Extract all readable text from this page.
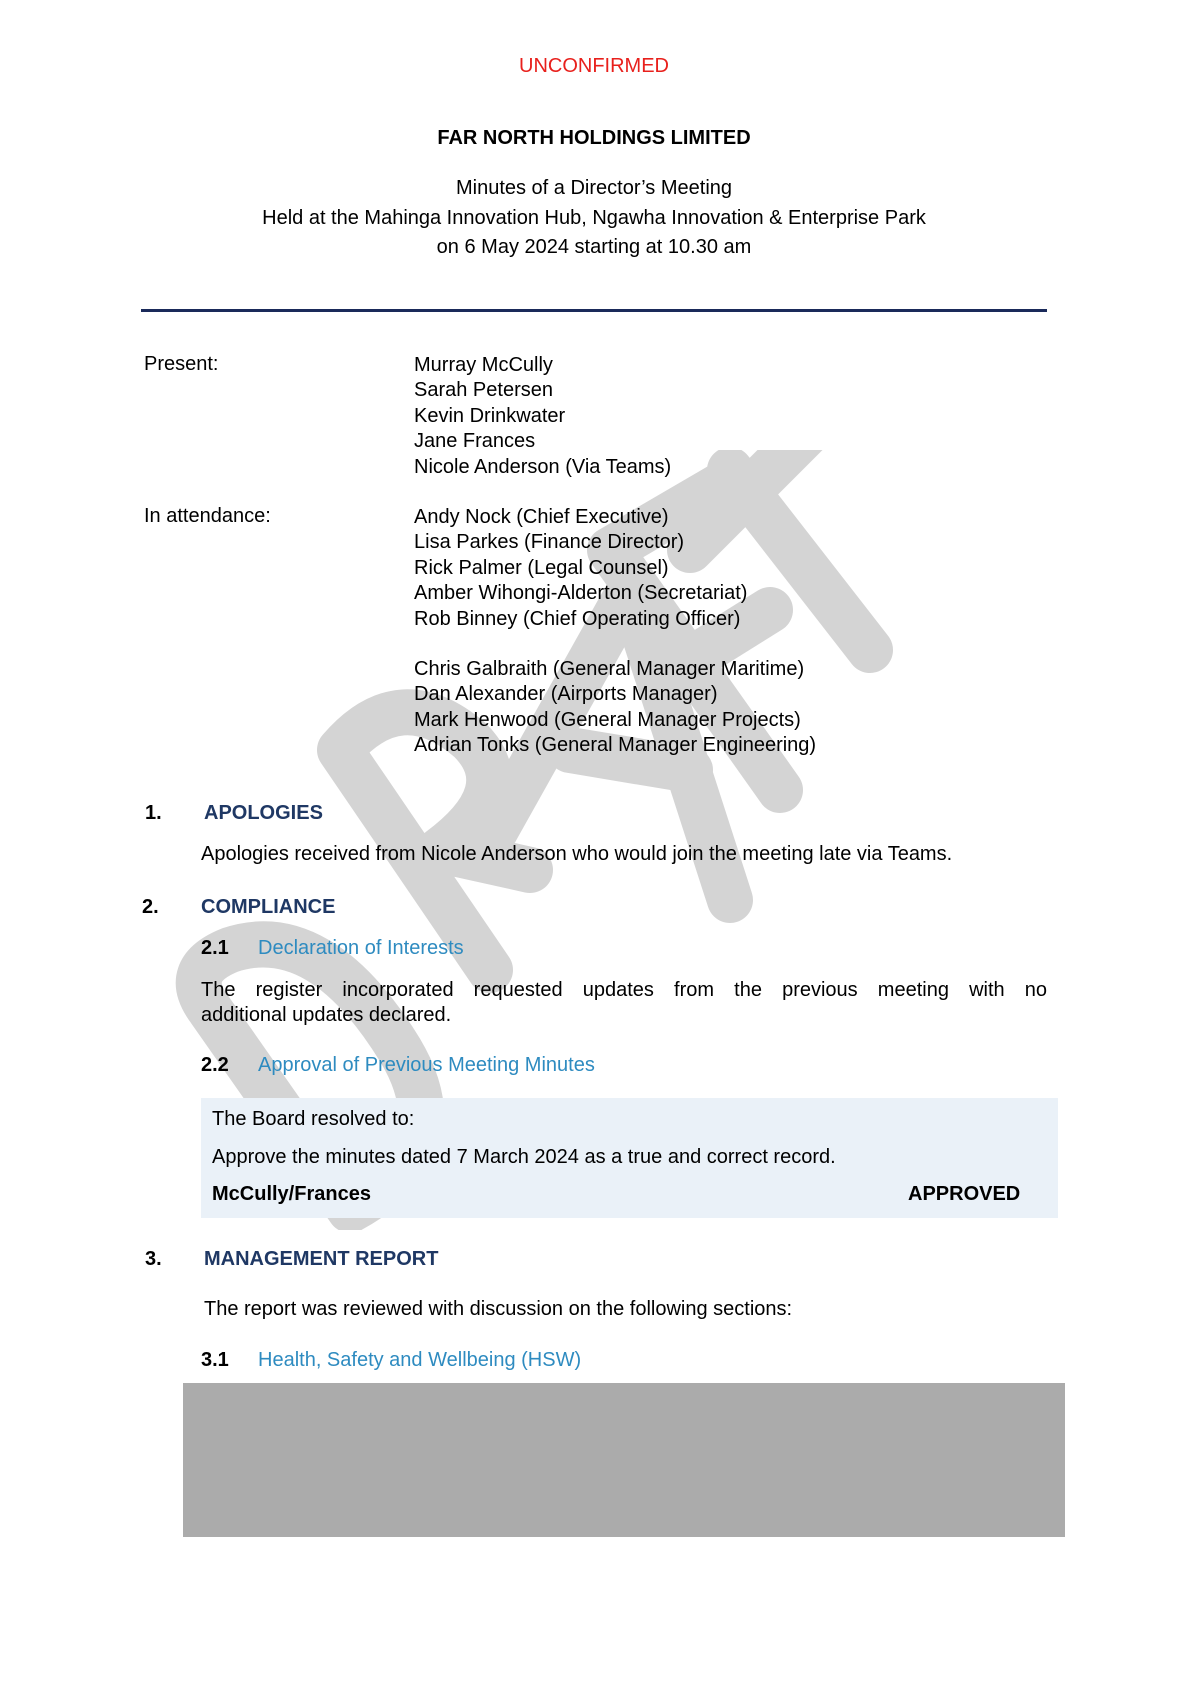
UNCONFIRMED
FAR NORTH HOLDINGS LIMITED
Minutes of a Director’s Meeting
Held at the Mahinga Innovation Hub, Ngawha Innovation & Enterprise Park
on 6 May 2024 starting at 10.30 am
Present:	Murray McCully
Sarah Petersen
Kevin Drinkwater
Jane Frances
Nicole Anderson (Via Teams)
In attendance:	Andy Nock (Chief Executive)
Lisa Parkes (Finance Director)
Rick Palmer (Legal Counsel)
Amber Wihongi-Alderton (Secretariat)
Rob Binney (Chief Operating Officer)
Chris Galbraith (General Manager Maritime)
Dan Alexander (Airports Manager)
Mark Henwood (General Manager Projects)
Adrian Tonks (General Manager Engineering)
1. APOLOGIES
Apologies received from Nicole Anderson who would join the meeting late via Teams.
2. COMPLIANCE
2.1 Declaration of Interests
The register incorporated requested updates from the previous meeting with no
additional updates declared.
2.2 Approval of Previous Meeting Minutes
The Board resolved to:
Approve the minutes dated 7 March 2024 as a true and correct record.
McCully/Frances	APPROVED
3. MANAGEMENT REPORT
The report was reviewed with discussion on the following sections:
3.1 Health, Safety and Wellbeing (HSW)
